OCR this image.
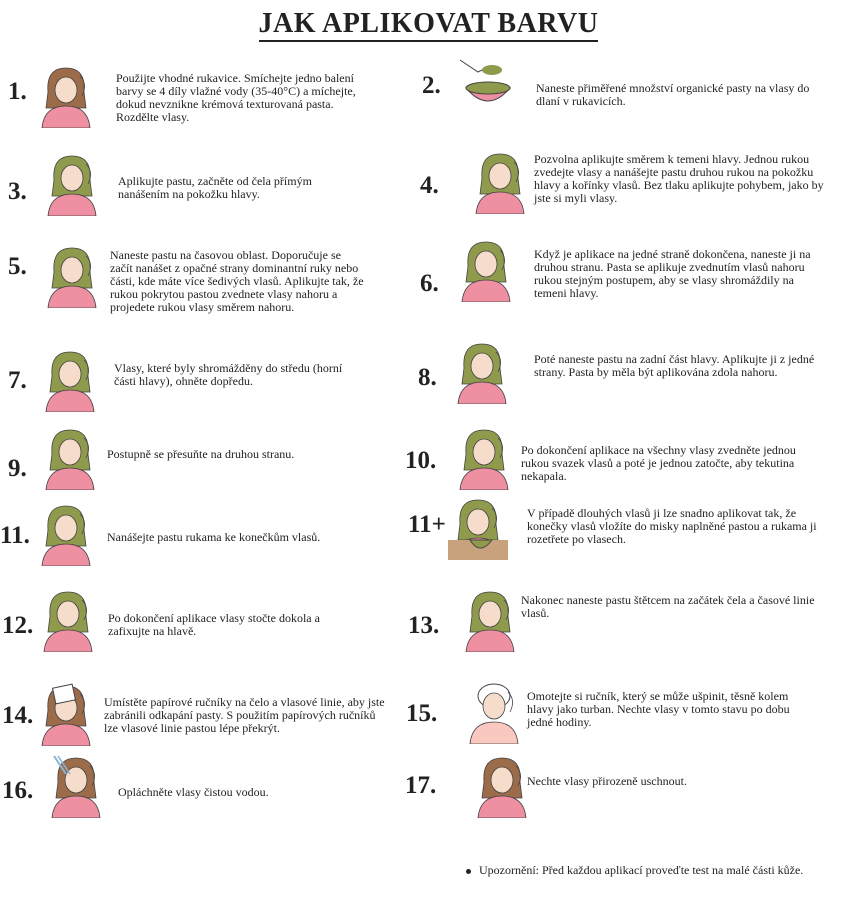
JAK APLIKOVAT BARVU
1.	Použijte vhodné rukavice. Smíchejte jedno balení barvy se 4 díly vlažné vody (35-40°C) a míchejte, dokud nevznikne krémová texturovaná pasta. Rozdělte vlasy.
2.	Naneste přiměřené množství organické pasty na vlasy do dlaní v rukavicích.
3.	Aplikujte pastu, začněte od čela přímým nanášením na pokožku hlavy.	4.
Pozvolna aplikujte směrem k temeni hlavy. Jednou rukou zvedejte vlasy a nanášejte pastu druhou rukou na pokožku hlavy a kořínky vlasů. Bez tlaku aplikujte pohybem, jako by jste si myli vlasy.
5.	Naneste pastu na časovou oblast. Doporučuje se začít nanášet z opačné strany dominantní ruky nebo části, kde máte více šedivých vlasů. Aplikujte tak, že rukou pokrytou pastou zvednete vlasy nahoru a projedete rukou vlasy směrem nahoru.
6.
Když je aplikace na jedné straně dokončena, naneste ji na druhou stranu. Pasta se aplikuje zvednutím vlasů nahoru rukou stejným postupem, aby se vlasy shromáždily na temeni hlavy.
7.	Vlasy, které byly shromážděny do středu (horní části hlavy), ohněte dopředu.	8.
Poté naneste pastu na zadní část hlavy. Aplikujte ji z jedné strany. Pasta by měla být aplikována zdola nahoru.
9.
Postupně se přesuňte na druhou stranu.	10.	Po dokončení aplikace na všechny vlasy zvedněte jednou rukou svazek vlasů a poté je jednou zatočte, aby tekutina nekapala.
11.	Nanášejte pastu rukama ke konečkům vlasů.	11+	V případě dlouhých vlasů ji lze snadno aplikovat tak, že konečky vlasů vložíte do misky naplněné pastou a rukama ji rozetřete po vlasech.
12.	Po dokončení aplikace vlasy stočte dokola a zafixujte na hlavě.	13.
Nakonec naneste pastu štětcem na začátek čela a časové linie vlasů.
14.	Umístěte papírové ručníky na čelo a vlasové linie, aby jste zabránili odkapání pasty. S použitím papírových ručníků lze vlasové linie pastou lépe překrýt.
15.
Omotejte si ručník, který se může ušpinit, těsně kolem hlavy jako turban. Nechte vlasy v tomto stavu po dobu jedné hodiny.
16.	Opláchněte vlasy čistou vodou.	17.	Nechte vlasy přirozeně uschnout.
Upozornění: Před každou aplikací proveďte test na malé části kůže.
